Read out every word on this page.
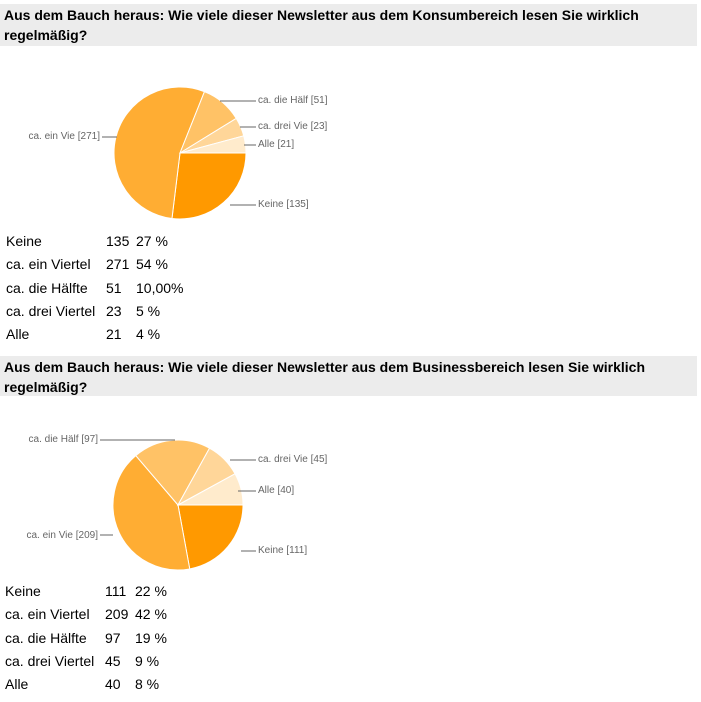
Aus dem Bauch heraus: Wie viele dieser Newsletter aus dem Konsumbereich lesen Sie wirklich regelmäßig?
Keine [135]
ca. ein Vie [271]
ca. die Hälf [51]
ca. drei Vie [23]
Alle [21]
Keine	135	27 %
ca. ein Viertel	271	54 %
ca. die Hälfte	51	10,00%
ca. drei Viertel	23	5 %
Alle	21	4 %
Aus dem Bauch heraus: Wie viele dieser Newsletter aus dem Businessbereich lesen Sie wirklich regelmäßig?
Keine [111]
ca. ein Vie [209]
ca. die Hälf [97]
ca. drei Vie [45]
Alle [40]
Keine	111	22 %
ca. ein Viertel	209	42 %
ca. die Hälfte	97	19 %
ca. drei Viertel	45	9 %
Alle	40	8 %
